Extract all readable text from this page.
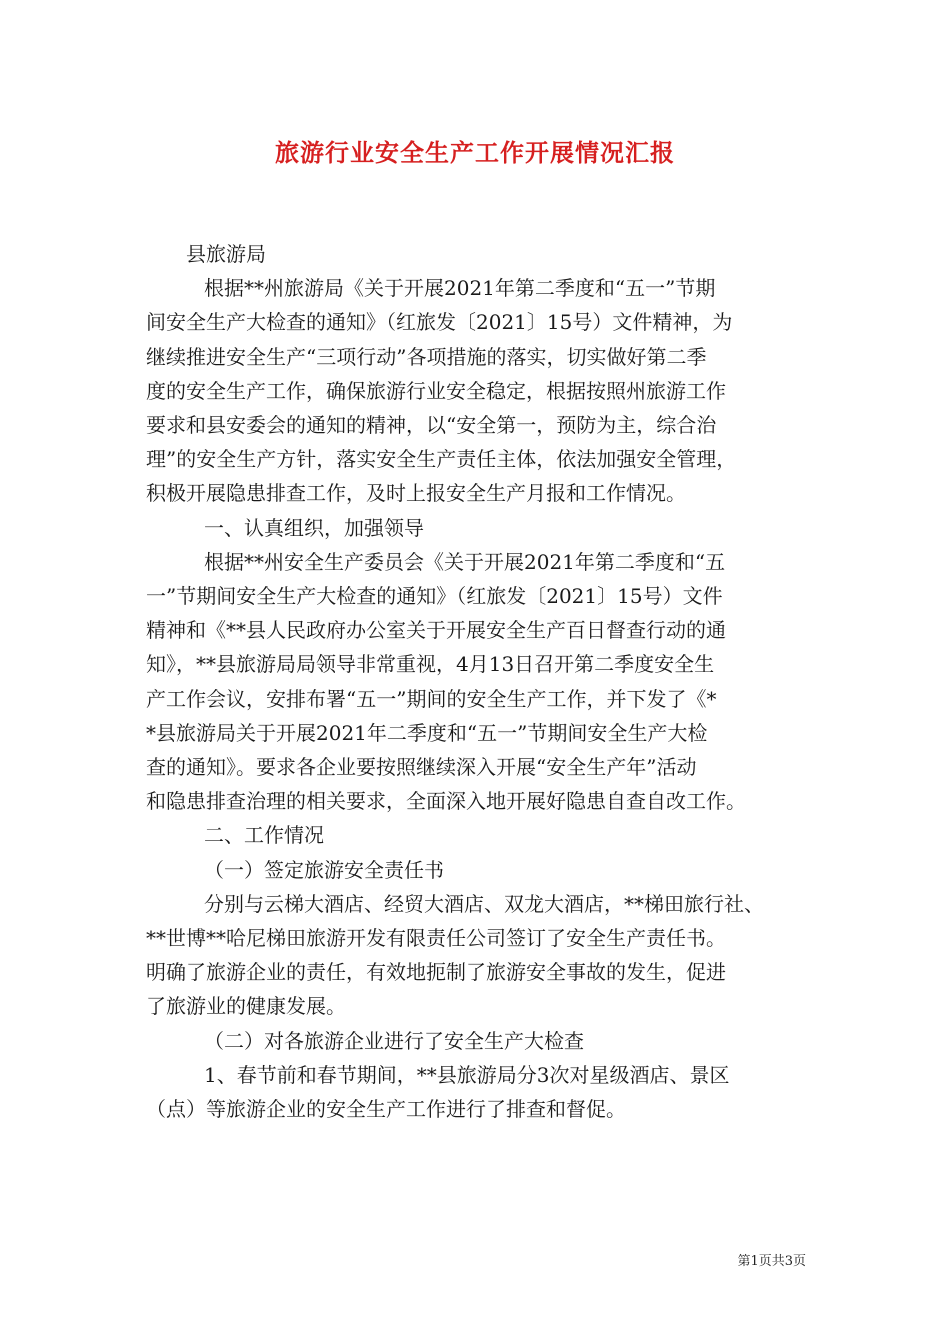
旅游行业安全生产工作开展情况汇报
县旅游局
根据**州旅游局《关于开展2021年第二季度和“五一”节期
间安全生产大检查的通知》（红旅发〔2021〕15号）文件精神，为
继续推进安全生产“三项行动”各项措施的落实，切实做好第二季
度的安全生产工作，确保旅游行业安全稳定，根据按照州旅游工作
要求和县安委会的通知的精神，以“安全第一，预防为主，综合治
理”的安全生产方针，落实安全生产责任主体，依法加强安全管理，
积极开展隐患排查工作，及时上报安全生产月报和工作情况。
一、认真组织，加强领导
根据**州安全生产委员会《关于开展2021年第二季度和“五
一”节期间安全生产大检查的通知》（红旅发〔2021〕15号）文件
精神和《**县人民政府办公室关于开展安全生产百日督查行动的通
知》，**县旅游局局领导非常重视，4月13日召开第二季度安全生
产工作会议，安排布署“五一”期间的安全生产工作，并下发了《*
*县旅游局关于开展2021年二季度和“五一”节期间安全生产大检
查的通知》。要求各企业要按照继续深入开展“安全生产年”活动
和隐患排查治理的相关要求，全面深入地开展好隐患自查自改工作。
二、工作情况
（一）签定旅游安全责任书
分别与云梯大酒店、经贸大酒店、双龙大酒店，**梯田旅行社、
**世博**哈尼梯田旅游开发有限责任公司签订了安全生产责任书。
明确了旅游企业的责任，有效地扼制了旅游安全事故的发生，促进
了旅游业的健康发展。
（二）对各旅游企业进行了安全生产大检查
1、春节前和春节期间，**县旅游局分3次对星级酒店、景区
（点）等旅游企业的安全生产工作进行了排查和督促。
第1页共3页
